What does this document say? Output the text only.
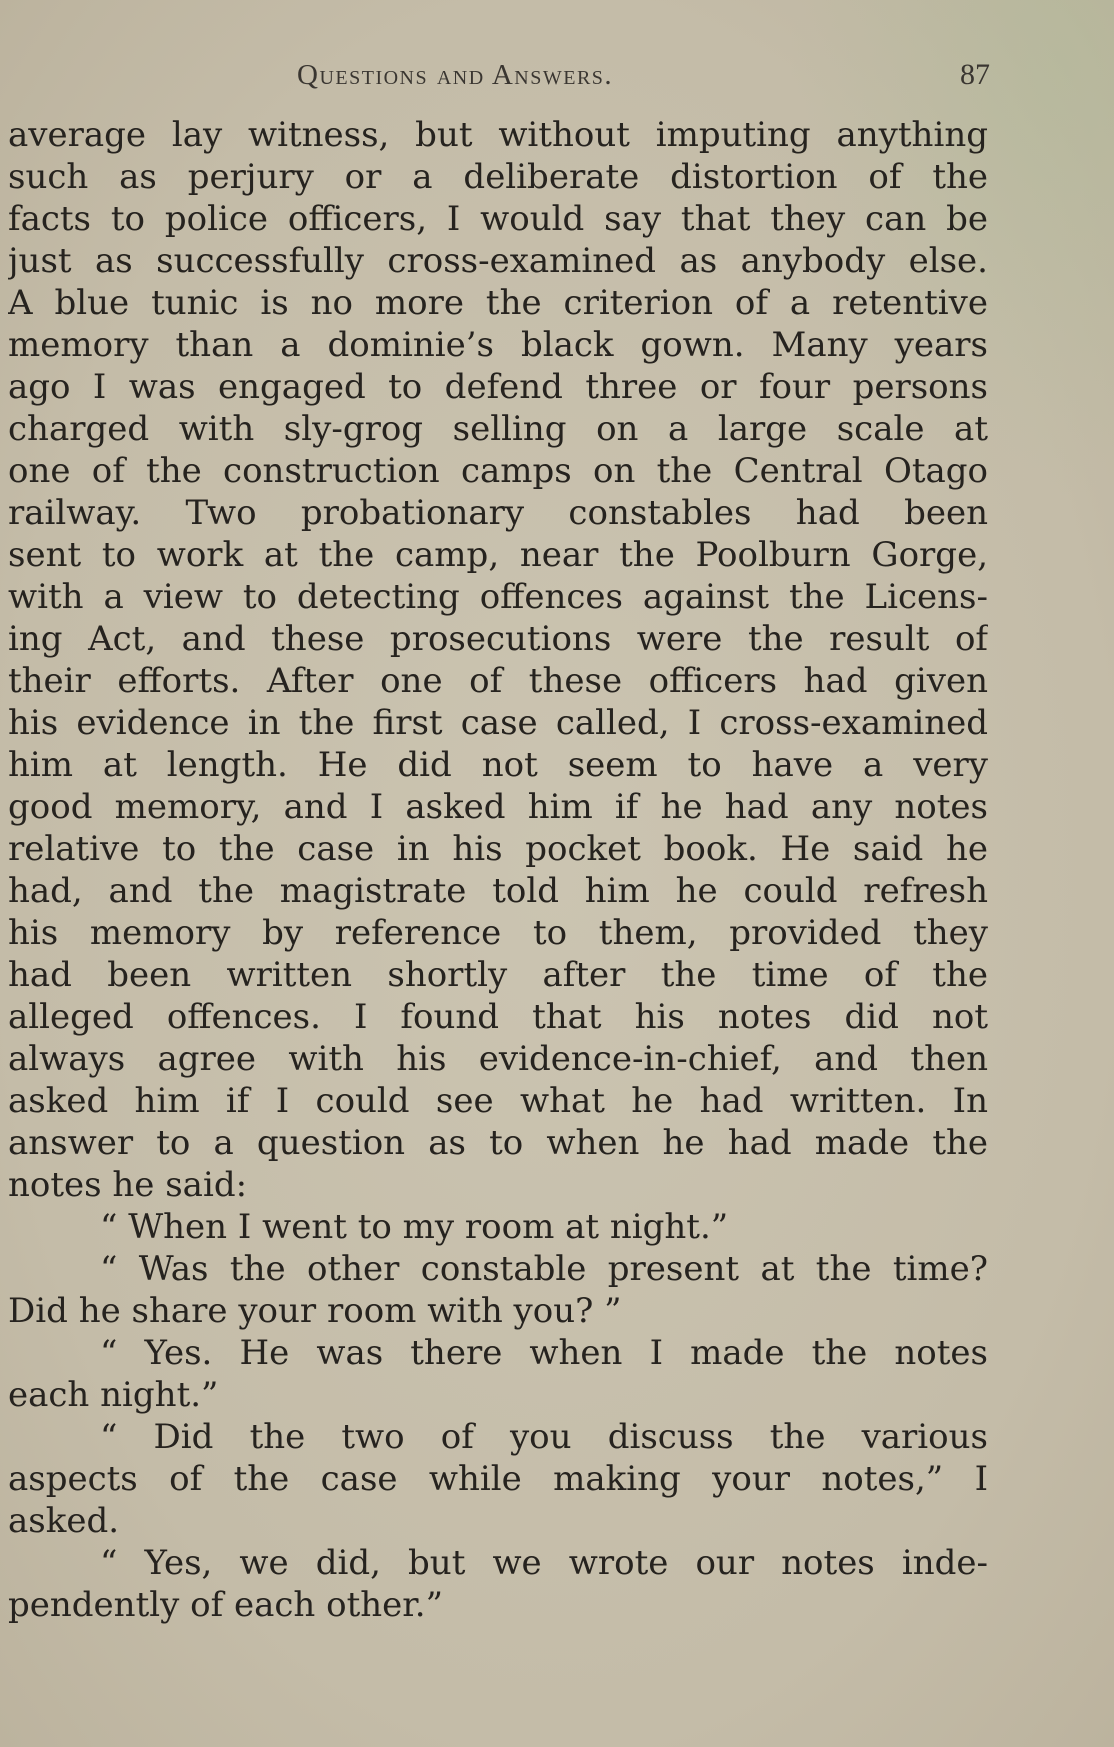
Questions and Answers.	87
average lay witness, but without imputing anything
such as perjury or a deliberate distortion of the
facts to police officers, I would say that they can be
just as successfully cross-examined as anybody else.
A blue tunic is no more the criterion of a retentive
memory than a dominie’s black gown. Many years
ago I was engaged to defend three or four persons
charged with sly-grog selling on a large scale at
one of the construction camps on the Central Otago
railway. Two probationary constables had been
sent to work at the camp, near the Poolburn Gorge,
with a view to detecting offences against the Licens-
ing Act, and these prosecutions were the result of
their efforts. After one of these officers had given
his evidence in the first case called, I cross-examined
him at length. He did not seem to have a very
good memory, and I asked him if he had any notes
relative to the case in his pocket book. He said he
had, and the magistrate told him he could refresh
his memory by reference to them, provided they
had been written shortly after the time of the
alleged offences. I found that his notes did not
always agree with his evidence-in-chief, and then
asked him if I could see what he had written. In
answer to a question as to when he had made the
notes he said:
“ When I went to my room at night.”
“ Was the other constable present at the time?
Did he share your room with you? ”
“ Yes. He was there when I made the notes
each night.”
“ Did the two of you discuss the various
aspects of the case while making your notes,” I
asked.
“ Yes, we did, but we wrote our notes inde-
pendently of each other.”
